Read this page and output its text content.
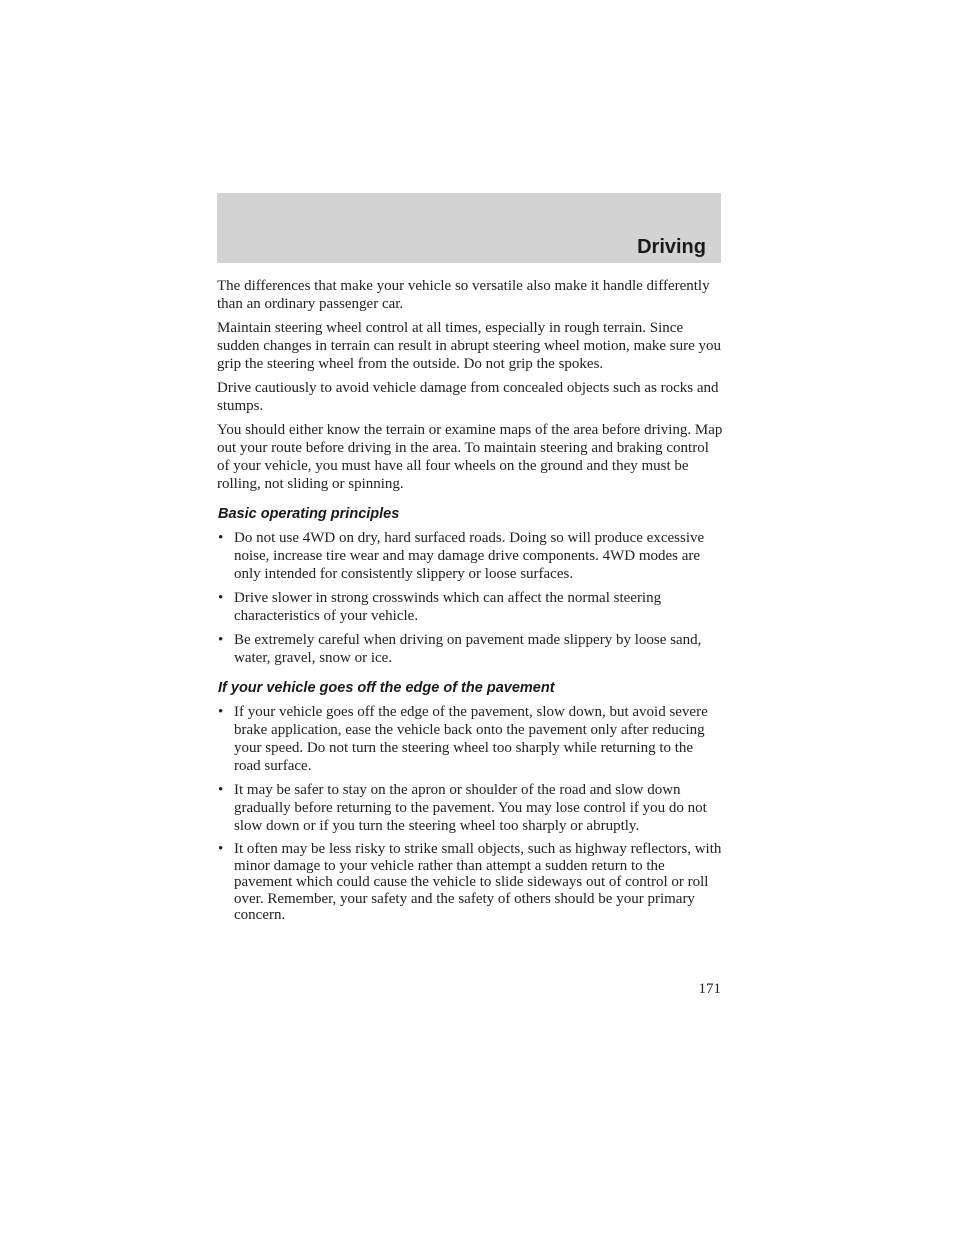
Driving

The differences that make your vehicle so versatile also make it handle differently than an ordinary passenger car.

Maintain steering wheel control at all times, especially in rough terrain. Since sudden changes in terrain can result in abrupt steering wheel motion, make sure you grip the steering wheel from the outside. Do not grip the spokes.

Drive cautiously to avoid vehicle damage from concealed objects such as rocks and stumps.

You should either know the terrain or examine maps of the area before driving. Map out your route before driving in the area. To maintain steering and braking control of your vehicle, you must have all four wheels on the ground and they must be rolling, not sliding or spinning.

Basic operating principles
• Do not use 4WD on dry, hard surfaced roads. Doing so will produce excessive noise, increase tire wear and may damage drive components. 4WD modes are only intended for consistently slippery or loose surfaces.
• Drive slower in strong crosswinds which can affect the normal steering characteristics of your vehicle.
• Be extremely careful when driving on pavement made slippery by loose sand, water, gravel, snow or ice.
If your vehicle goes off the edge of the pavement
• If your vehicle goes off the edge of the pavement, slow down, but avoid severe brake application, ease the vehicle back onto the pavement only after reducing your speed. Do not turn the steering wheel too sharply while returning to the road surface.
• It may be safer to stay on the apron or shoulder of the road and slow down gradually before returning to the pavement. You may lose control if you do not slow down or if you turn the steering wheel too sharply or abruptly.
• It often may be less risky to strike small objects, such as highway reflectors, with minor damage to your vehicle rather than attempt a sudden return to the pavement which could cause the vehicle to slide sideways out of control or roll over. Remember, your safety and the safety of others should be your primary concern.
171
